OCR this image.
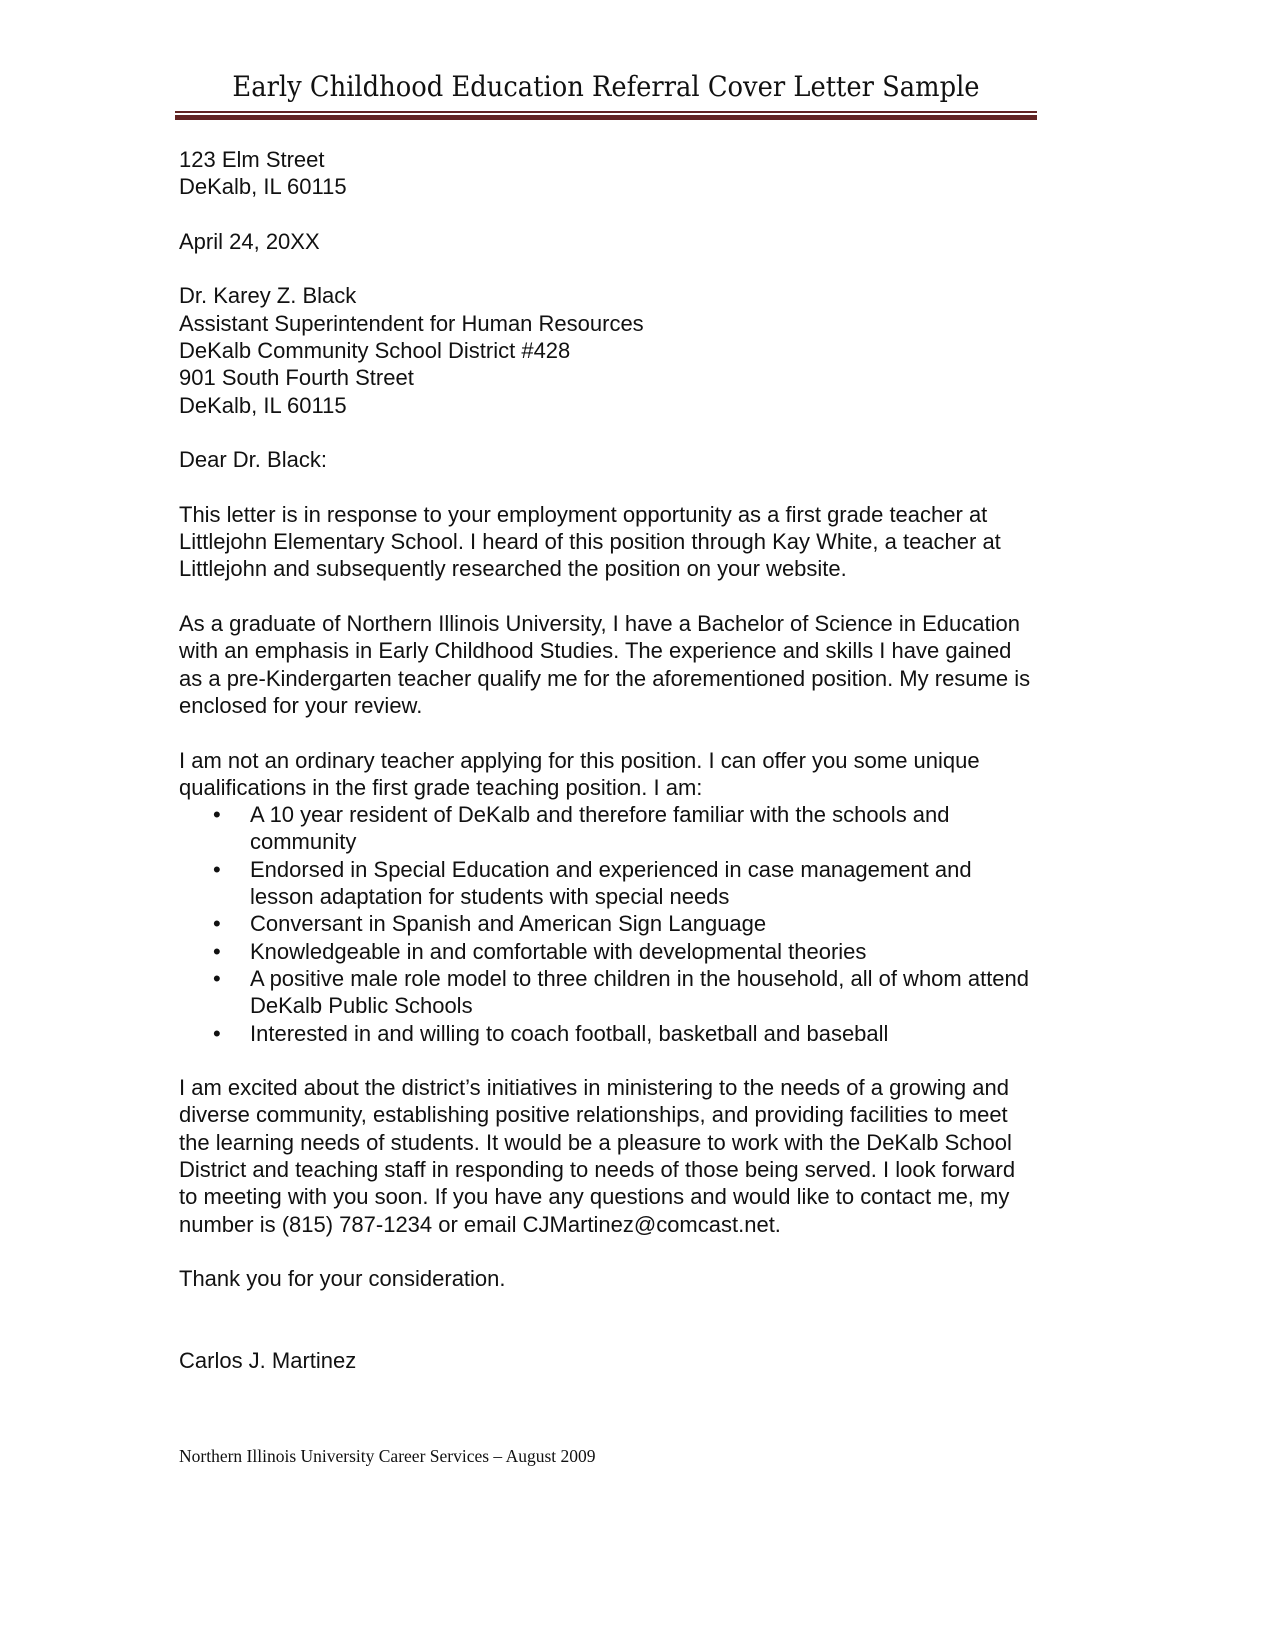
Early Childhood Education Referral Cover Letter Sample

123 Elm Street
DeKalb, IL 60115

April 24, 20XX

Dr. Karey Z. Black
Assistant Superintendent for Human Resources
DeKalb Community School District #428
901 South Fourth Street
DeKalb, IL 60115

Dear Dr. Black:

This letter is in response to your employment opportunity as a first grade teacher at Littlejohn Elementary School. I heard of this position through Kay White, a teacher at Littlejohn and subsequently researched the position on your website.

As a graduate of Northern Illinois University, I have a Bachelor of Science in Education with an emphasis in Early Childhood Studies. The experience and skills I have gained as a pre-Kindergarten teacher qualify me for the aforementioned position. My resume is enclosed for your review.

I am not an ordinary teacher applying for this position. I can offer you some unique qualifications in the first grade teaching position. I am:

• A 10 year resident of DeKalb and therefore familiar with the schools and community
• Endorsed in Special Education and experienced in case management and lesson adaptation for students with special needs
• Conversant in Spanish and American Sign Language
• Knowledgeable in and comfortable with developmental theories
• A positive male role model to three children in the household, all of whom attend DeKalb Public Schools
• Interested in and willing to coach football, basketball and baseball

I am excited about the district’s initiatives in ministering to the needs of a growing and diverse community, establishing positive relationships, and providing facilities to meet the learning needs of students. It would be a pleasure to work with the DeKalb School District and teaching staff in responding to needs of those being served. I look forward to meeting with you soon. If you have any questions and would like to contact me, my number is (815) 787-1234 or email CJMartinez@comcast.net.

Thank you for your consideration.

Carlos J. Martinez

Northern Illinois University Career Services – August 2009
